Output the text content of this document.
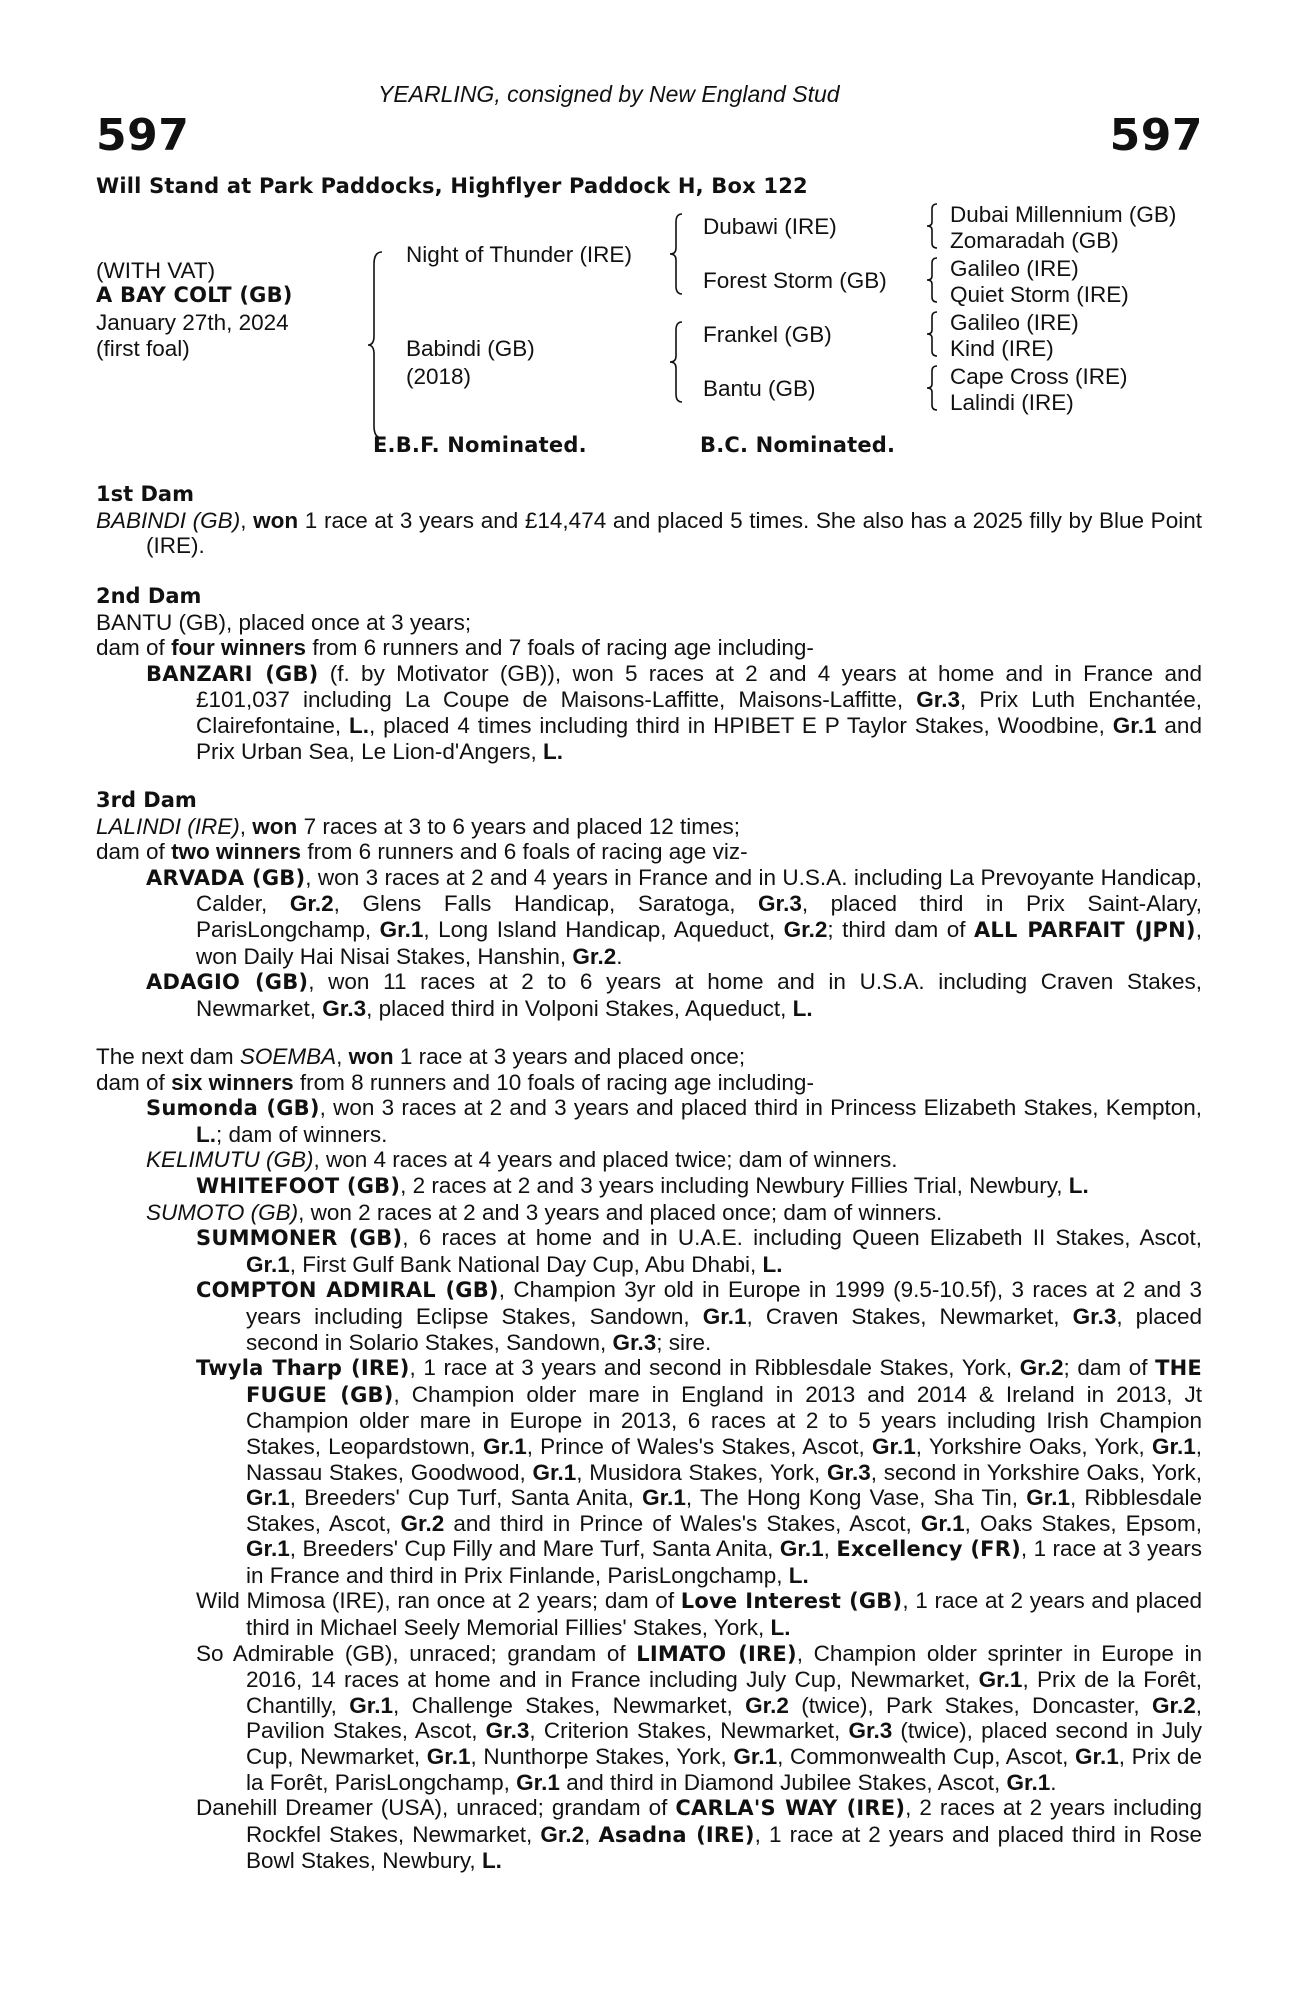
YEARLING, consigned by New England Stud
597	597
Will Stand at Park Paddocks, Highflyer Paddock H, Box 122
(WITH VAT)
A BAY COLT (GB)
January 27th, 2024
(first foal)
Night of Thunder (IRE)
Babindi (GB)
(2018)
Dubawi (IRE)
Forest Storm (GB)
Frankel (GB)
Bantu (GB)
Dubai Millennium (GB)
Zomaradah (GB)
Galileo (IRE)
Quiet Storm (IRE)
Galileo (IRE)
Kind (IRE)
Cape Cross (IRE)
Lalindi (IRE)
E.B.F. Nominated.	B.C. Nominated.

1st Dam

BABINDI (GB), won 1 race at 3 years and £14,474 and placed 5 times. She also has a 2025 filly by Blue Point (IRE).

2nd Dam

BANTU (GB), placed once at 3 years;

dam of four winners from 6 runners and 7 foals of racing age including-

BANZARI (GB) (f. by Motivator (GB)), won 5 races at 2 and 4 years at home and in France and £101,037 including La Coupe de Maisons-Laffitte, Maisons-Laffitte, Gr.3, Prix Luth Enchantée, Clairefontaine, L., placed 4 times including third in HPIBET E P Taylor Stakes, Woodbine, Gr.1 and Prix Urban Sea, Le Lion-d'Angers, L.

3rd Dam

LALINDI (IRE), won 7 races at 3 to 6 years and placed 12 times;

dam of two winners from 6 runners and 6 foals of racing age viz-

ARVADA (GB), won 3 races at 2 and 4 years in France and in U.S.A. including La Prevoyante Handicap, Calder, Gr.2, Glens Falls Handicap, Saratoga, Gr.3, placed third in Prix Saint-Alary, ParisLongchamp, Gr.1, Long Island Handicap, Aqueduct, Gr.2; third dam of ALL PARFAIT (JPN), won Daily Hai Nisai Stakes, Hanshin, Gr.2.

ADAGIO (GB), won 11 races at 2 to 6 years at home and in U.S.A. including Craven Stakes, Newmarket, Gr.3, placed third in Volponi Stakes, Aqueduct, L.

The next dam SOEMBA, won 1 race at 3 years and placed once;

dam of six winners from 8 runners and 10 foals of racing age including-

Sumonda (GB), won 3 races at 2 and 3 years and placed third in Princess Elizabeth Stakes, Kempton, L.; dam of winners.

KELIMUTU (GB), won 4 races at 4 years and placed twice; dam of winners.

WHITEFOOT (GB), 2 races at 2 and 3 years including Newbury Fillies Trial, Newbury, L.

SUMOTO (GB), won 2 races at 2 and 3 years and placed once; dam of winners.

SUMMONER (GB), 6 races at home and in U.A.E. including Queen Elizabeth II Stakes, Ascot, Gr.1, First Gulf Bank National Day Cup, Abu Dhabi, L.

COMPTON ADMIRAL (GB), Champion 3yr old in Europe in 1999 (9.5-10.5f), 3 races at 2 and 3 years including Eclipse Stakes, Sandown, Gr.1, Craven Stakes, Newmarket, Gr.3, placed second in Solario Stakes, Sandown, Gr.3; sire.

Twyla Tharp (IRE), 1 race at 3 years and second in Ribblesdale Stakes, York, Gr.2; dam of THE FUGUE (GB), Champion older mare in England in 2013 and 2014 & Ireland in 2013, Jt Champion older mare in Europe in 2013, 6 races at 2 to 5 years including Irish Champion Stakes, Leopardstown, Gr.1, Prince of Wales's Stakes, Ascot, Gr.1, Yorkshire Oaks, York, Gr.1, Nassau Stakes, Goodwood, Gr.1, Musidora Stakes, York, Gr.3, second in Yorkshire Oaks, York, Gr.1, Breeders' Cup Turf, Santa Anita, Gr.1, The Hong Kong Vase, Sha Tin, Gr.1, Ribblesdale Stakes, Ascot, Gr.2 and third in Prince of Wales's Stakes, Ascot, Gr.1, Oaks Stakes, Epsom, Gr.1, Breeders' Cup Filly and Mare Turf, Santa Anita, Gr.1, Excellency (FR), 1 race at 3 years in France and third in Prix Finlande, ParisLongchamp, L.

Wild Mimosa (IRE), ran once at 2 years; dam of Love Interest (GB), 1 race at 2 years and placed third in Michael Seely Memorial Fillies' Stakes, York, L.

So Admirable (GB), unraced; grandam of LIMATO (IRE), Champion older sprinter in Europe in 2016, 14 races at home and in France including July Cup, Newmarket, Gr.1, Prix de la Forêt, Chantilly, Gr.1, Challenge Stakes, Newmarket, Gr.2 (twice), Park Stakes, Doncaster, Gr.2, Pavilion Stakes, Ascot, Gr.3, Criterion Stakes, Newmarket, Gr.3 (twice), placed second in July Cup, Newmarket, Gr.1, Nunthorpe Stakes, York, Gr.1, Commonwealth Cup, Ascot, Gr.1, Prix de la Forêt, ParisLongchamp, Gr.1 and third in Diamond Jubilee Stakes, Ascot, Gr.1.

Danehill Dreamer (USA), unraced; grandam of CARLA'S WAY (IRE), 2 races at 2 years including Rockfel Stakes, Newmarket, Gr.2, Asadna (IRE), 1 race at 2 years and placed third in Rose Bowl Stakes, Newbury, L.
